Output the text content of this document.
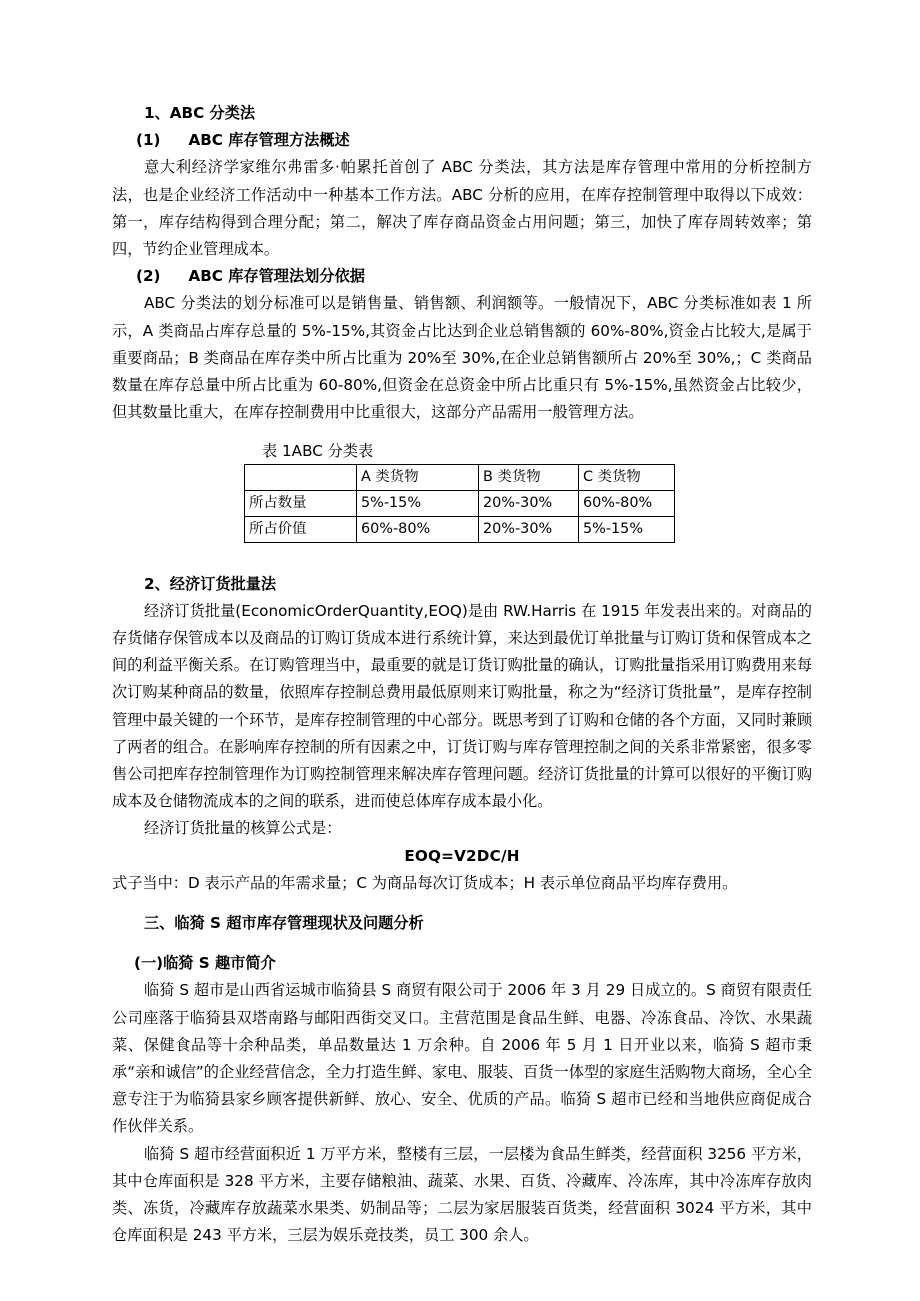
1、ABC 分类法

(1) ABC 库存管理方法概述

意大利经济学家维尔弗雷多·帕累托首创了 ABC 分类法，其方法是库存管理中常用的分析控制方法，也是企业经济工作活动中一种基本工作方法。ABC 分析的应用，在库存控制管理中取得以下成效：第一，库存结构得到合理分配；第二，解决了库存商品资金占用问题；第三，加快了库存周转效率；第四，节约企业管理成本。

(2) ABC 库存管理法划分依据

ABC 分类法的划分标准可以是销售量、销售额、利润额等。一般情况下，ABC 分类标准如表 1 所示，A 类商品占库存总量的 5%-15%,其资金占比达到企业总销售额的 60%-80%,资金占比较大,是属于重要商品；B 类商品在库存类中所占比重为 20%至 30%,在企业总销售额所占 20%至 30%,；C 类商品数量在库存总量中所占比重为 60-80%,但资金在总资金中所占比重只有 5%-15%,虽然资金占比较少，但其数量比重大，在库存控制费用中比重很大，这部分产品需用一般管理方法。

表 1ABC 分类表
	A 类货物	B 类货物	C 类货物
所占数量	5%-15%	20%-30%	60%-80%
所占价值	60%-80%	20%-30%	5%-15%

2、经济订货批量法

经济订货批量(EconomicOrderQuantity,EOQ)是由 RW.Harris 在 1915 年发表出来的。对商品的存货储存保管成本以及商品的订购订货成本进行系统计算，来达到最优订单批量与订购订货和保管成本之间的利益平衡关系。在订购管理当中，最重要的就是订货订购批量的确认，订购批量指采用订购费用来每次订购某种商品的数量，依照库存控制总费用最低原则来订购批量，称之为“经济订货批量”，是库存控制管理中最关键的一个环节，是库存控制管理的中心部分。既思考到了订购和仓储的各个方面，又同时兼顾了两者的组合。在影响库存控制的所有因素之中，订货订购与库存管理控制之间的关系非常紧密，很多零售公司把库存控制管理作为订购控制管理来解决库存管理问题。经济订货批量的计算可以很好的平衡订购成本及仓储物流成本的之间的联系，进而使总体库存成本最小化。

经济订货批量的核算公式是：

EOQ=V2DC/H

式子当中：D 表示产品的年需求量；C 为商品每次订货成本；H 表示单位商品平均库存费用。

三、临猗 S 超市库存管理现状及问题分析

(一)临猗 S 趣市简介

临猗 S 超市是山西省运城市临猗县 S 商贸有限公司于 2006 年 3 月 29 日成立的。S 商贸有限责任公司座落于临猗县双塔南路与邮阳西街交叉口。主营范围是食品生鲜、电器、冷冻食品、冷饮、水果蔬菜、保健食品等十余种品类，单品数量达 1 万余种。自 2006 年 5 月 1 日开业以来，临猗 S 超市秉承“亲和诚信”的企业经营信念，全力打造生鲜、家电、服装、百货一体型的家庭生活购物大商场，全心全意专注于为临猗县家乡顾客提供新鲜、放心、安全、优质的产品。临猗 S 超市已经和当地供应商促成合作伙伴关系。

临猗 S 超市经营面积近 1 万平方米，整楼有三层，一层楼为食品生鲜类，经营面积 3256 平方米，其中仓库面积是 328 平方米，主要存储粮油、蔬菜、水果、百货、冷藏库、冷冻库，其中冷冻库存放肉类、冻货，冷藏库存放蔬菜水果类、奶制品等；二层为家居服装百货类，经营面积 3024 平方米，其中仓库面积是 243 平方米，三层为娱乐竞技类，员工 300 余人。
